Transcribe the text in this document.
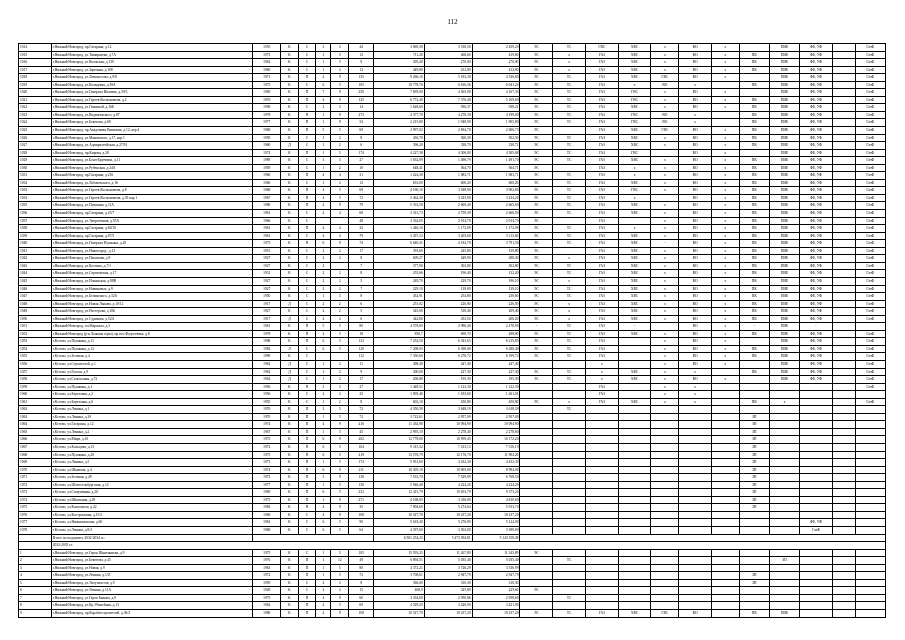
112
1014	г.Нижний Новгород, пр.Гагарина, д.12	1955	К	С	3	3	44	3 869,30	3 530,50	2 459,20	ЭС	ТС	ГВС	ХВС	х	ВО	х		ПИЕ	ФЕ, УФ		ГазФ
1015	г.Нижний Новгород, ул.Тимирязева, д.7А	1973	К	С	1	5	12	711,20	468,60	419,60	ЭС	х	ГАЗ	ХВС	х	ВО	х	ПК	ПИЕ	ФЕ, УФ		ГазФ
1016	г.Нижний Новгород, ул.Волжская, д.150	1962	К	С	1	5	9	305,40	270,00	270,00	ЭС	х	ГАЗ	ХВС	х	ВО	х	ПК	ПИЕ	ФЕ, УФ		ГазФ
1017	г.Нижний Новгород, ул.Заречная, д.108	1960	К	С	1	2	12	449,80	412,90	412,90	ЭС	х	ГАЗ	ХВС	х	ВО	х	ПК	ПИЕ	ФЕ, УФ		ГазФ
1018	г.Нижний Новгород, ул.Ломоносова, д.9/8	1971	К	П	4	9	135	9 266,10	5 183,30	4 536,60	ЭС	ТС	ГАЗ	ХВС	ГВС	ВО	х		ПИЕ	ФЕ, УФ		ГазФ
1019	г.Нижний Новгород, ул.Кольцевая, д.39А	1975	К	С	6	5	105	10 778,76	6 616,36	6 041,24	ЭС	ТС	ГАЗ	х	ВО	х		ПК	ПИЕ	ФЕ, УФ		ГазФ
1020	г.Нижний Новгород, ул.Генерала Ивлиева, д.39/3	1985	К	П	7	9	250	7 695,00	4 565,00	4 167,30	ЭС	ТС	ГАЗ	ГВС	х	ВО	х		ПИЕ	ФЕ, УФ		ГазФ
1021	г.Нижний Новгород, ул.Героев Космонавтов, д.2	1976	К	П	4	9	125	6 772,40	7 376,40	5 169,60	ЭС	ТС	ГАЗ	ГВС	х	ВО	х	ПК	ПИЕ	ФЕ, УФ		ГазФ
1022	г.Нижний Новгород, ул.Генкиной, д.16Б	1958	К	С	2	3	14	1 628,60	936,37	938,21	ЭС	ТС	ГАЗ	ХВС	х	ВО	х	ПК	ПИЕ	ФЕ, УФ		ГазФ
1023	г.Нижний Новгород, ул.Веденеевского, д.87	1978	К	П	1	9	273	2 377,70	4 278,30	4 199,00	ЭС	ТС	ГАЗ	ГВС	ВО	х		ПК	ПИЕ	ФЕ, УФ		ГазФ
1024	г.Нижний Новгород, ул.Бекетова, д.68	1977	К	П	1	9	54	2 215,80	1 948,90	1 905,80	ЭС	ТС	ГАЗ	ГВС	ВО	х		ПК	ПИЕ	ФЕ, УФ		ГазФ
1025	г.Нижний Новгород, пр.Академика Вавилова, д.12, кор.4	1968	К	П	5	5	69	2 997,02	2 694,70	2 606,73	ЭС		ГАЗ	ХВС	ГВС	ВО	х	ПК	ПИЕ	ФЕ, УФ		ГазФ
1026	г.Нижний Новгород, ул.Маковского, д.17, кор.1	1959	К	С	1	2	8	436,70	360,30	302,50	ЭС	ТС	ГАЗ	ХВС	х	ВО	х	ПК	ПИЕ	ФЕ, УФ		ГазФ
1027	г.Нижний Новгород, ул.Адмиралтейская, д.27/91	1960	Д	С	1	2	6	396,20	338,70	338,72	ЭС	ТС	ГАЗ	ХВС	х	ВО	х	ПК	ПИЕ	ФЕ, УФ		ГазФ
1028	г.Нижний Новгород, пр.Кирова, д.28	1974	К	П	1	5	174	4 227,38	4 306,00	4 305,68	ЭС	ТС	ГАЗ	ГВС		ВО	х		ПИЕ	ФЕ, УФ		ГазФ
1029	г.Нижний Новгород, ул.Бонч-Бруевича, д.11	1989	К	С	3	3	27	1 652,09	1 496,79	1 491,70	ЭС	ТС	ГАЗ	ХВС	х	ВО	х	ПК	ПИЕ	ФЕ, УФ		ГазФ
1030	г.Нижний Новгород, ул.Рубенская, д.24А	1959	К	С	1	2	10	648,41	564,70	564,71	ЭС		ГАЗ	х	х	ВО	х	ПК	ПИЕ	ФЕ, УФ		ГазФ
1031	г.Нижний Новгород, пр.Гагарина, д.216	1960	К	П	4	4	31	1 224,30	1 083,71	1 083,71	ЭС	ТС	ГАЗ	х	х	ВО	х	ПК	ПИЕ	ФЕ, УФ		ГазФ
1032	г.Нижний Новгород, ул.Лобачевского, д.16	1960	К	С	1	2	12	633,00	600,20	600,20	ЭС	ТС	ГАЗ	ХВС	х	ВО	х	ПК	ПИЕ	ФЕ, УФ		ГазФ
1033	г.Нижний Новгород, ул.Героев Космонавтов, д.8	1968	К	П	4	5	69	4 160,10	3 928,90	3 902,80	ЭС	ТС	ГАЗ	ГВС	х	ВО	х	ПК	ПИЕ	ФЕ, УФ		ГазФ
1034	г.Нижний Новгород, ул.Героев Космонавтов, д.35 кор.1	1967	К	П	4	5	72	3 462,30	3 323,90	3 234,20	ЭС	ТС	ГАЗ	х		ВО	х	ПК	ПИЕ	ФЕ, УФ		ГазФ
1035	г.Нижний Новгород, ул.Пушкина, д.11А	1980	К	П	4	9	79	5 333,50	2 669,40	2 665,60	ЭС	ТС	ГАЗ	ХВС	х	ВО	х	ПК	ПИЕ	ФЕ, УФ		ГазФ
1036	г.Нижний Новгород, пр.Гагарина, д.23/7	1961	К	С	4	4	68	3 313,73	2 759,39	2 666,50	ЭС	ТС	ГАЗ	ХВС	х	ВО	х	ПК	ПИЕ	ФЕ, УФ		ГазФ
1037	г.Нижний Новгород, ул.Энергетиков, д.55А	1966	К	С			48	3 334,05	2 914,70	2 914,70	ЭС		ГАЗ		х	ВО	х	ПК	ПИЕ	ФЕ, УФ		ГазФ
1038	г.Нижний Новгород, пр.Гагарина, д.60/10	1961	К	П	4	4	32	1 446,10	1 172,09	1 172,09	ЭС	ТС	ГАЗ	х	х	ВО	х	ПК	ПИЕ	ФЕ, УФ		ГазФ
1039	г.Нижний Новгород, пр.Гагарина, д.97/5	1961	К	С	4	4	79	3 457,23	3 265,60	3 113,60	ЭС	ТС	ГАЗ	ХВС	х	ВО	х	ПК	ПИЕ	ФЕ, УФ		ГазФ
1040	г.Нижний Новгород, ул.Генерала Пушкина, д.20	1975	К	П	6	9	74	6 640,31	4 182,70	3 791,50	ЭС	ТС	ГАЗ	ХВС	-	ВО	х	ПК	ПИЕ	ФЕ, УФ		ГазФ
1041	г.Нижний Новгород, ул.Нижегород., д.12	1951	К	С	2	2	17	393,60	245,80	159,80	ЭС		ГАЗ	ХВС	х	ВО	х	ПК	ПИЕ	ФЕ, УФ		ГазФ
1042	г.Нижний Новгород, ул.Пахомова, д.9	1927	К	С	2	2	8	609,27	449,90	288,30	ЭС	х	ГАЗ	ХВС	х	ВО	х	ПК	ПИЕ	ФЕ, УФ		ГазФ
1043	г.Нижний Новгород, ул.Костина, д.7/1	1927	К	С	2		7	377,90	302,80	302,80	ЭС	ТС	ГАЗ	ХВС	х	ВО	х	ПК	ПИЕ	ФЕ, УФ		ГазФ
1044	г.Нижний Новгород, ул.Сергиевская, д.17	1931	К	С	2	2	8	255,66	196,40	132,20	ЭС	ТС	ГАЗ	ХВС	х	ВО	х	ПК	ПИЕ	ФЕ, УФ		ГазФ
1045	г.Нижний Новгород, ул.Ильинская, д.88В	1927	К	С	2	2	5	249,70	229,70	196,10	ЭС	х	ГАЗ	ХВС	х	ВО	х	ПК	ПИЕ	ФЕ, УФ		ГазФ
1046	г.Нижний Новгород, ул.Новиковых, д.9	1927	К	С	2	2	7	229,10	139,00	139,10	ЭС	ТС	ГАЗ	ХВС	х	ВО	х	ПК	ПИЕ	ФЕ, УФ		ГазФ
1047	г.Нижний Новгород, ул.Белинского, д.32А	1950	К	С	1	3	8	452,91	254,80	250,60	ЭС	ТС	ГАЗ	ХВС	х	ВО	х	ПК	ПИЕ	ФЕ, УФ		ГазФ
1048	г.Нижний Новгород, ул.Новая Лыкова, д.10/12	1917	Д	С	2	2	6	251,02	226,90	226,50	ЭС	х	ГАЗ	ХВС	х	ВО	х	ПК	ПИЕ	ФЕ, УФ		ГазФ
1049	г.Нижний Новгород, ул.Нестерова, д.10Б	1927	К	С	2	2	5	345,00	318,40	209,40	ЭС	х	ГАЗ	ХВС	х	ВО	х	ПК	ПИЕ	ФЕ, УФ		ГазФ
1050	г.Нижний Новгород, ул.Сурикова, д.52А	1917	Д	С	2	2	6	342,80	453,50	206,20	ЭС	х	ГАЗ	ХВС	х	ВО	х	ПК	ПИЕ	ФЕ, УФ		ГазФ
1051	г.Нижний Новгород, пл.Маршала, д.3	1961	К	П	5	5	80	4 578,00	2 996,40	2 478,90	-	ТС	ГАЗ	-		ВО	х	-	ПИЕ	-		
1052	г.Нижний Новгород (р-н Лыковы горы), пр.пос.Федосеевка, д.8	1978	К	П	2	5	18	850,7	690,70	498,00	ЭС	ТС	ГАЗ	ХВС	х	ВО	х	ПК	ПИЕ	ФЕ, УФ		ГазФ
1053	г.Кстово, ул.Пушкина, д.11	1988	К	П	6	5	123	7 234,50	6 343,63	6 215,85	ЭС	ТС	ГАЗ		х	ВО	х		ПИЕ	ФЕ, УФ		ГазФ
1054	г.Кстово, ул.Пушкина, д.12	1982	Л	С	6	5	120	7 208,93	6 390,00	6 280,40	ЭС	ТС	ГАЗ		х	ВО	х	ПК	ПИЕ	ФЕ, УФ		ГазФ
1055	г.Кстово, ул.Зеленая, д.4	1999	К	С			112	7 350,60	6 276,72	6 199,72	ЭС	ТС	ГАЗ		х	ВО	х	ПК	ПИЕ	ФЕ, УФ		ГазФ
1056	г.Кстово, ул.Строителей, д.1	1962	Д	С	1	2	11	498,40	447,40	447,40			х		х	ВО	х		ПИЕ	ФЕ, УФ		ГазФ
1057	г.Кстово, ул.Гоголя, д.9	1962	Д	С	1	2	9	300,00	227,30	227,30	ЭС	ТС	х	ХВС	х	х		ПК	ПИЕ	ФЕ, УФ		ГазФ
1058	г.Кстово, ул.Сельхозная, д.72	1962	Д	С	1	2	17	206,80	195,30	195,30	ЭС	ТС	х	ХВС	х	ВО	х		ПИЕ	ФЕ, УФ		ГазФ
1059	г.Кстово, ул.Пушкина, д.1	1956	К	П	3	3	27	1 448,51	1 122,30	1 122,30			ГАЗ		х	х						ГазФ
1060	г.Кстово, ул.Березовая, д.2	1956	К	С	2	2	25	1 905,46	1 183,60	1 261,01			ГАЗ		х	х						
1061	г.Кстово, ул.Березовая, д.6	1955	К	С	1	2	8	602,10	450,80	450,80	ЭС	х	ГАЗ	ХВС	х	х		ПК	х			ГазФ
1062	г.Кстово, ул.Ленина, д.1	1976	К	П	3	5	72	4 350,58	3 648,19	3 618,39		ТС										
1063	г.Кстово, ул.Ленина, д.10	1970	К	П	1	5	72	3 722,61	2 957,09	2 957,09								ЗП				
1064	г.Кстово, ул.Гагарина, д.12	1974	К	П	4	9	216	11 434,90	10 094,90	10 094,90								ЗП				
1065	г.Кстово, ул.Ленина, д.2	1967	К	П	1	5	45	2 993,10	2 278,40	2 278,80								ЗП				
1066	г.Кстово, ул.Мира, д.10	1975	К	П	6	9	202	12 778,00	10 959,45	10 172,20								ЗП				
1067	г.Кстово, ул.Кольцова, д.13	1972	К	П	6	5	104	9 315,32	7 413,13	7 316,19								ЗП				
1068	г.Кстово, ул.Пушкина, д.20	1975	К	П	6	5	219	13 576,79	12 176,70	11 904,20								ЗП				
1069	г.Кстово, ул.Ленина, д.5	1973	К	П	1	5	174	5 931,60	4 432,30	4 432,30								ЗП				
1070	г.Кстово, ул.Шкапова, д.4	1974	К	П	6	9	211	10 305,10	10 905,00	8 994,00								ЗП				
1071	г.Кстово, ул.Зеленая, д.49	1973	К	П	3	9	138	7 533,70	7 529,99	6 768,50								ЗП				
1072	г.Кстово, ул.Шлиссельбургская, д.12	1977	К	П	1	5	130	5 946,40	4 224,20	4 224,20								ЗП				
1073	г.Кстово, ул.Спортивная, д.20	1969	К	П	6	5	232	12 415,79	10 653,79	9 373,20								ЗП				
1074	г.Кстово, ул.Школьная, д.29	1975	К	П	1	9	271	4 168,05	3 336,00	4 810,60								ЗП				
1075	г.Кстово, ул.Комсомола, д.22	1982	К	П	4	9	35	7 804,60	5 274,64	5 913,74								ЗП				
1076	г.Кстово, ул.Костромская, д.15/2	1960	К	С	4	9	108	10 327,70	10 237,20	10 237,20												
1077	г.Кстово, ул.Нижнекамская, д.60	1963	К	С	6	5	90	5 618,40	5 276,80	5 124,00										ФЕ, УФ		
1078	г.Кстово, ул.Ленина, д.9/2	1968	К	С	6	5	64	4 397,60	3 502,00	3 390,00										ГазФ		
	Итого по подпункту 2032-2034 гг.:							6 501 254,23	5 473 394,81	5 143 158,38												
	2032-2035 гг.																					
1	г.Нижний Новгород, ул.Героя Шнитникова, д.9	1975	К	С	1	5	105	15 593,25	11 267,89	11 343,89	ЭС											
2	г.Нижний Новгород, ул.Бекетова, д.43	1976	К	П	1	12	49	6 894,51	5 035,40	5 035,40		ТС							ЗП			
3	г.Нижний Новгород, ул.Новая, д.9	1963	К	П	1	5	80	4 372,21	3 726,29	3 536,99												
4	г.Нижний Новгород, ул.Ленина, д.135	1972	К	П	1	5	72	3 708,61	2 947,79	2 947,79								ЗП				
5	г.Нижний Новгород, ул.Энтузиастов, д.9	1959	К	С	2	3	8	366,00	310,30	310,30								ЗП				
6	г.Нижний Новгород, ул.Ленина, д.11А	1928	К	С	2	2	15	468,9	325,89	225,60	ЭС											
7	г.Нижний Новгород, ул.Героя Быкова, д.9	1975	К	П	4	9	60	3 334,00	2 950,86	2 958,60		ТС										
8	г.Нижний Новгород, ул.Кр.Убинейная, д.13	1962	К	П	4	5	69	4 529,25	3 420,90	3 421,90												
9	г.Нижний Новгород, пр.Кораблестроителей, д.36/2	1980	К	П	4	9	108	10 327,70	10 237,20	10 237,20	ЭС	ТС	ГАЗ	ХВС	ГВС	ВО		ПК	ПИЕ			
